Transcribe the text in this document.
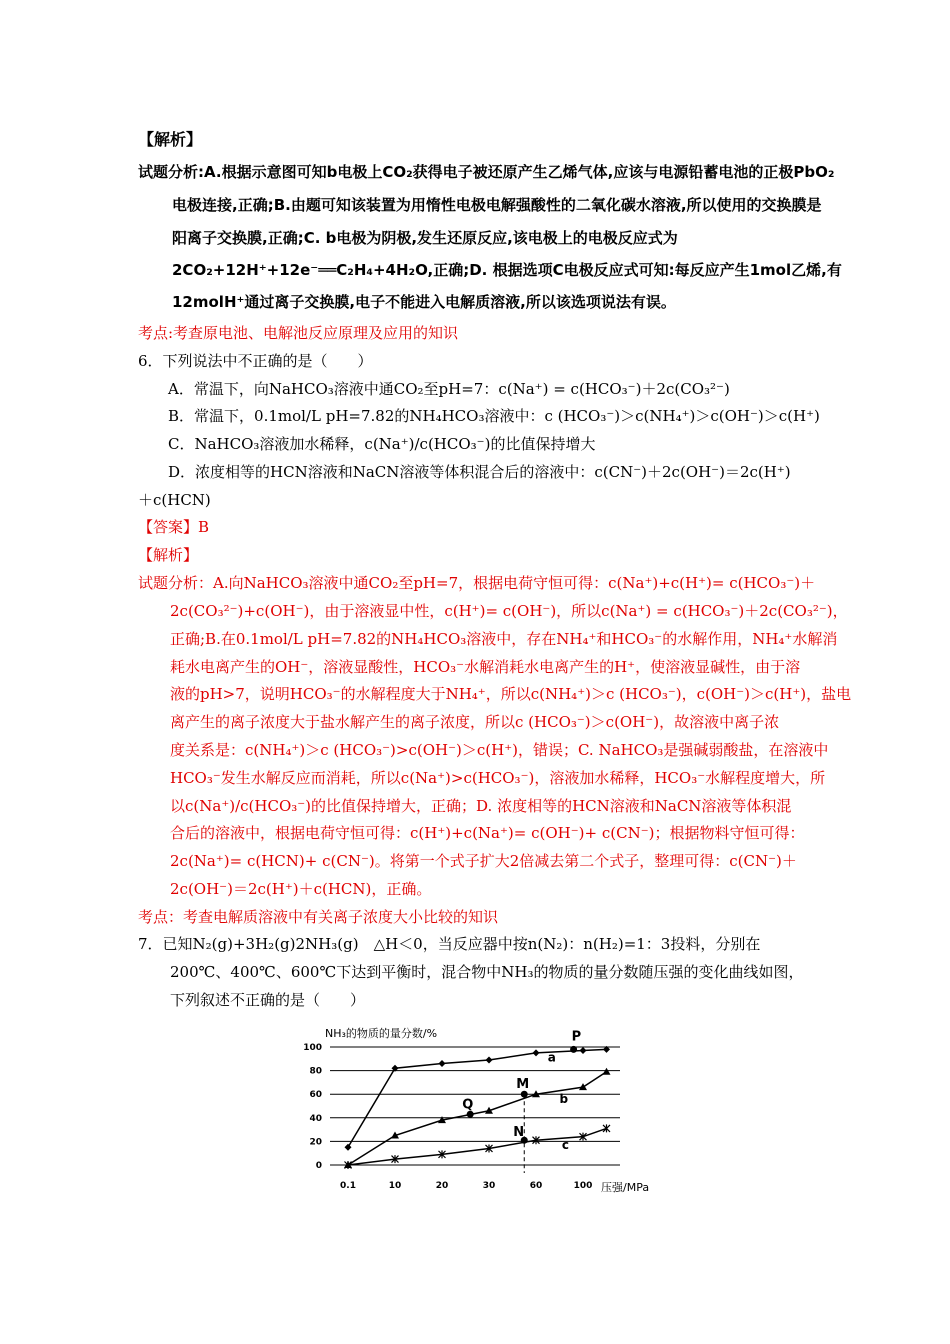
【解析】
试题分析:A.根据示意图可知b电极上CO₂获得电子被还原产生乙烯气体,应该与电源铅蓄电池的正极PbO₂
电极连接,正确;B.由题可知该装置为用惰性电极电解强酸性的二氧化碳水溶液,所以使用的交换膜是
阳离子交换膜,正确;C. b电极为阴极,发生还原反应,该电极上的电极反应式为
2CO₂+12H⁺+12e⁻══C₂H₄+4H₂O,正确;D. 根据选项C电极反应式可知:每反应产生1mol乙烯,有
12molH⁺通过离子交换膜,电子不能进入电解质溶液,所以该选项说法有误。
考点:考查原电池、电解池反应原理及应用的知识
6．下列说法中不正确的是（　　）
A．常温下，向NaHCO₃溶液中通CO₂至pH=7：c(Na⁺) = c(HCO₃⁻)＋2c(CO₃²⁻)
B．常温下，0.1mol/L pH=7.82的NH₄HCO₃溶液中：c (HCO₃⁻)＞c(NH₄⁺)＞c(OH⁻)＞c(H⁺)
C．NaHCO₃溶液加水稀释，c(Na⁺)/c(HCO₃⁻)的比值保持增大
D．浓度相等的HCN溶液和NaCN溶液等体积混合后的溶液中：c(CN⁻)＋2c(OH⁻)＝2c(H⁺)
＋c(HCN)
【答案】B
【解析】
试题分析：A.向NaHCO₃溶液中通CO₂至pH=7，根据电荷守恒可得：c(Na⁺)+c(H⁺)= c(HCO₃⁻)＋
2c(CO₃²⁻)+c(OH⁻)，由于溶液显中性，c(H⁺)= c(OH⁻)，所以c(Na⁺) = c(HCO₃⁻)＋2c(CO₃²⁻)，
正确;B.在0.1mol/L pH=7.82的NH₄HCO₃溶液中，存在NH₄⁺和HCO₃⁻的水解作用，NH₄⁺水解消
耗水电离产生的OH⁻，溶液显酸性，HCO₃⁻水解消耗水电离产生的H⁺，使溶液显碱性，由于溶
液的pH>7，说明HCO₃⁻的水解程度大于NH₄⁺，所以c(NH₄⁺)＞c (HCO₃⁻)，c(OH⁻)＞c(H⁺)，盐电
离产生的离子浓度大于盐水解产生的离子浓度，所以c (HCO₃⁻)＞c(OH⁻)，故溶液中离子浓
度关系是：c(NH₄⁺)＞c (HCO₃⁻)>c(OH⁻)＞c(H⁺)，错误；C. NaHCO₃是强碱弱酸盐，在溶液中
HCO₃⁻发生水解反应而消耗，所以c(Na⁺)>c(HCO₃⁻)，溶液加水稀释，HCO₃⁻水解程度增大，所
以c(Na⁺)/c(HCO₃⁻)的比值保持增大，正确；D. 浓度相等的HCN溶液和NaCN溶液等体积混
合后的溶液中，根据电荷守恒可得：c(H⁺)+c(Na⁺)= c(OH⁻)+ c(CN⁻)；根据物料守恒可得：
2c(Na⁺)= c(HCN)+ c(CN⁻)。将第一个式子扩大2倍减去第二个式子，整理可得：c(CN⁻)＋
2c(OH⁻)＝2c(H⁺)＋c(HCN)，正确。
考点：考查电解质溶液中有关离子浓度大小比较的知识
7．已知N₂(g)+3H₂(g)2NH₃(g)　△H＜0，当反应器中按n(N₂)：n(H₂)=1：3投料，分别在
200℃、400℃、600℃下达到平衡时，混合物中NH₃的物质的量分数随压强的变化曲线如图，
下列叙述不正确的是（　　）
0
20
40
60
80
100
0.1	10	20	30	60	100
NH₃的物质的量分数/%
压强/MPa
a
b
c
P
M
Q
N
